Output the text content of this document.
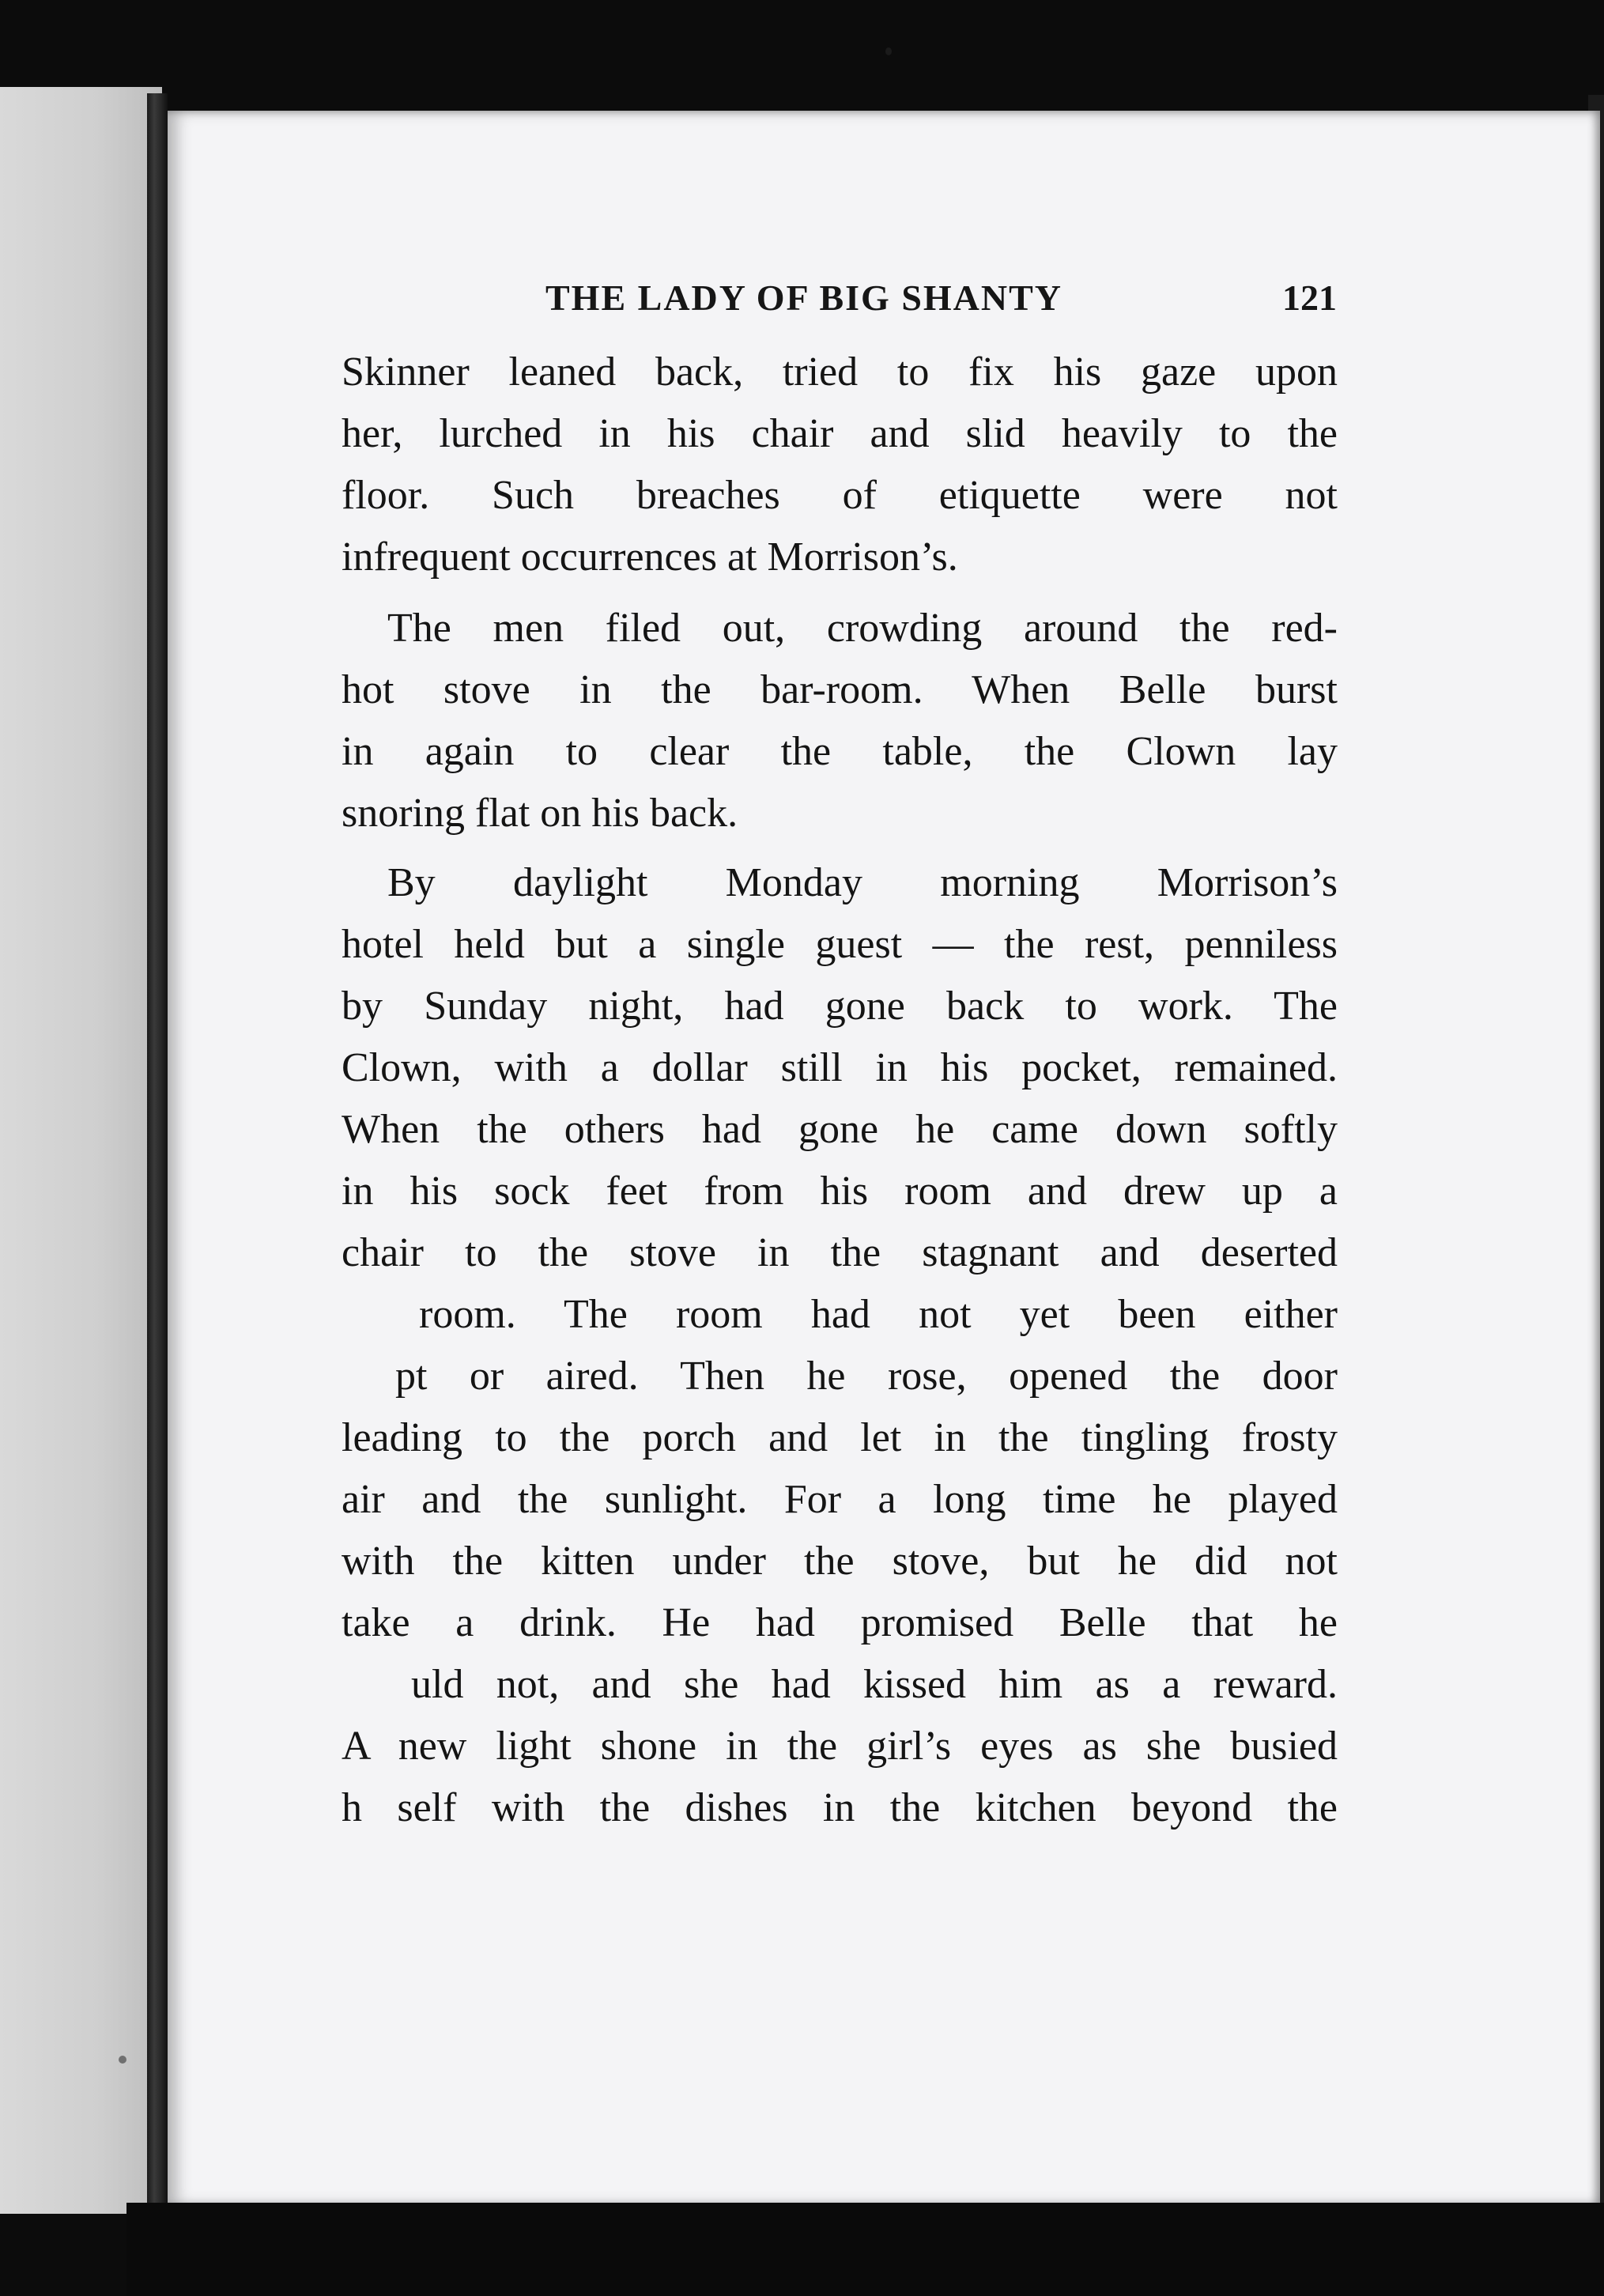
THE LADY OF BIG SHANTY	121
Skinner leaned back, tried to fix his gaze upon
her, lurched in his chair and slid heavily to the
floor. Such breaches of etiquette were not
infrequent occurrences at Morrison’s.
The men filed out, crowding around the red-
hot stove in the bar-room. When Belle burst
in again to clear the table, the Clown lay
snoring flat on his back.
By daylight Monday morning Morrison’s
hotel held but a single guest — the rest, penniless
by Sunday night, had gone back to work. The
Clown, with a dollar still in his pocket, remained.
When the others had gone he came down softly
in his sock feet from his room and drew up a
chair to the stove in the stagnant and deserted
room. The room had not yet been either
pt or aired. Then he rose, opened the door
leading to the porch and let in the tingling frosty
air and the sunlight. For a long time he played
with the kitten under the stove, but he did not
take a drink. He had promised Belle that he
uld not, and she had kissed him as a reward.
A new light shone in the girl’s eyes as she busied
h self with the dishes in the kitchen beyond the
